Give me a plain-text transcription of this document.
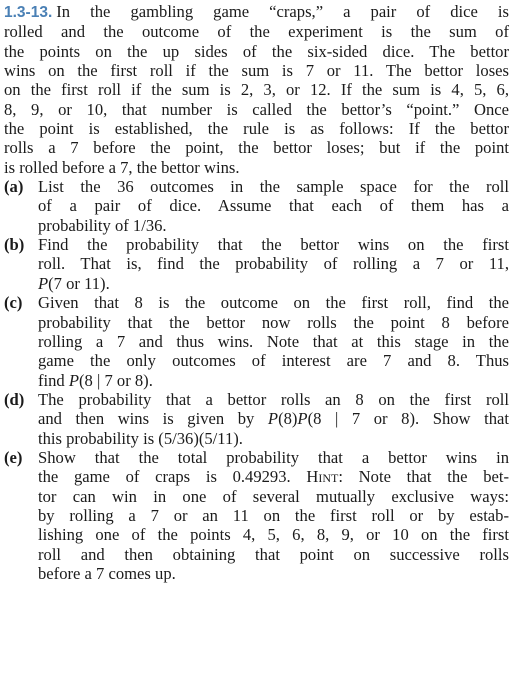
1.3-13. In the gambling game “craps,” a pair of dice is
rolled and the outcome of the experiment is the sum of
the points on the up sides of the six-sided dice. The bettor
wins on the first roll if the sum is 7 or 11. The bettor loses
on the first roll if the sum is 2, 3, or 12. If the sum is 4, 5, 6,
8, 9, or 10, that number is called the bettor’s “point.” Once
the point is established, the rule is as follows: If the bettor
rolls a 7 before the point, the bettor loses; but if the point
is rolled before a 7, the bettor wins.

(a) List the 36 outcomes in the sample space for the roll
of a pair of dice. Assume that each of them has a
probability of 1/36.
(b) Find the probability that the bettor wins on the first
roll. That is, find the probability of rolling a 7 or 11,
P(7 or 11).
(c) Given that 8 is the outcome on the first roll, find the
probability that the bettor now rolls the point 8 before
rolling a 7 and thus wins. Note that at this stage in the
game the only outcomes of interest are 7 and 8. Thus
find P(8 | 7 or 8).
(d) The probability that a bettor rolls an 8 on the first roll
and then wins is given by P(8)P(8 | 7 or 8). Show that
this probability is (5/36)(5/11).
(e) Show that the total probability that a bettor wins in
the game of craps is 0.49293. Hint: Note that the bet-
tor can win in one of several mutually exclusive ways:
by rolling a 7 or an 11 on the first roll or by estab-
lishing one of the points 4, 5, 6, 8, 9, or 10 on the first
roll and then obtaining that point on successive rolls
before a 7 comes up.
